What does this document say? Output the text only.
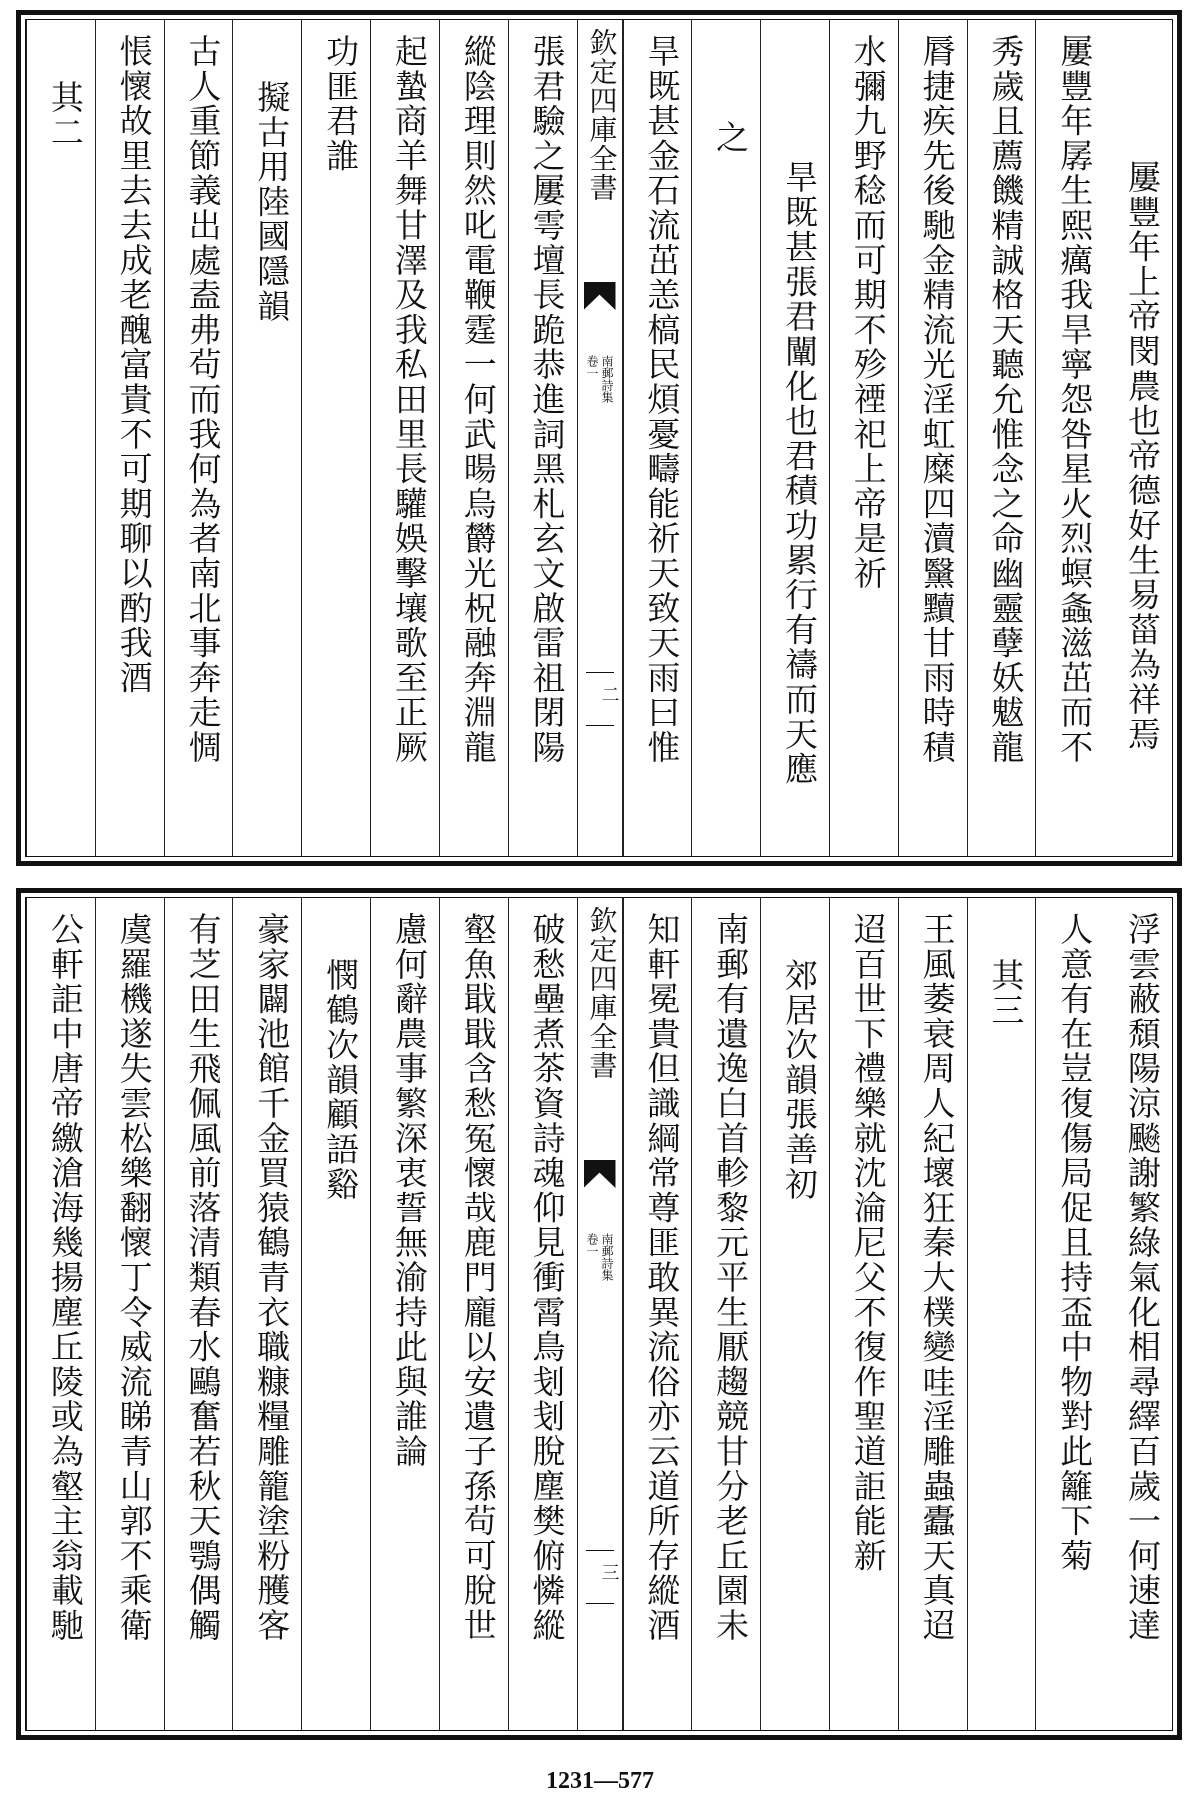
屢豐年上帝閔農也帝德好生易菑為祥焉
屢豐年孱生熙癘我旱寧怨咎星火烈螟螽滋茁而不
秀歲且薦饑精誠格天聽允惟念之命幽靈孽妖魃龍
脣捷疾先後馳金精流光淫虹糜四瀆黳黷甘雨時積
水彌九野稔而可期不殄禋祀上帝是祈
旱既甚張君闡化也君積功累行有禱而天應
之
旱既甚金石流茁恙槁民煩憂疇能祈天致天雨曰惟
欽定四庫全書
南郵詩集
卷一
二
張君驗之屢雩壇長跪恭進詞黑札玄文啟雷祖閉陽
縱陰理則然叱電鞭霆一何武暘烏欝光柷融奔淵龍
起蟄商羊舞甘澤及我私田里長驩娛擊壤歌至正厥
功匪君誰
擬古用陸國隱韻
古人重節義出處盍弗茍而我何為者南北事奔走惆
悵懷故里去去成老醜富貴不可期聊以酌我酒
其二
浮雲蔽頹陽涼飈謝繁綠氣化相尋繹百歲一何速達
人意有在豈復傷局促且持盃中物對此籬下菊
其三
王風萎衰周人紀壞狂秦大樸變哇淫雕蟲蠹天真迢
迢百世下禮樂就沈淪尼父不復作聖道詎能新
郊居次韻張善初
南郵有遺逸白首軫黎元平生厭趨競甘分老丘園未
知軒冕貴但識綱常尊匪敢異流俗亦云道所存縱酒
欽定四庫全書
南郵詩集
卷一
三
破愁壘煮茶資詩魂仰見衝霄鳥刬刬脫塵樊俯憐縱
壑魚戢戢含愁冤懷哉鹿門龐以安遺子孫茍可脫世
慮何辭農事繁深衷誓無渝持此與誰論
憫鶴次韻顧語谿
豪家闢池館千金買猿鶴青衣職糠糧雕籠塗粉雘客
有芝田生飛佩風前落清類春水鷗奮若秋天鶚偶觸
虞羅機遂失雲松樂翻懷丁令威流睇青山郭不乘衛
公軒詎中唐帝繳滄海幾揚塵丘陵或為壑主翁載馳
1231—577
